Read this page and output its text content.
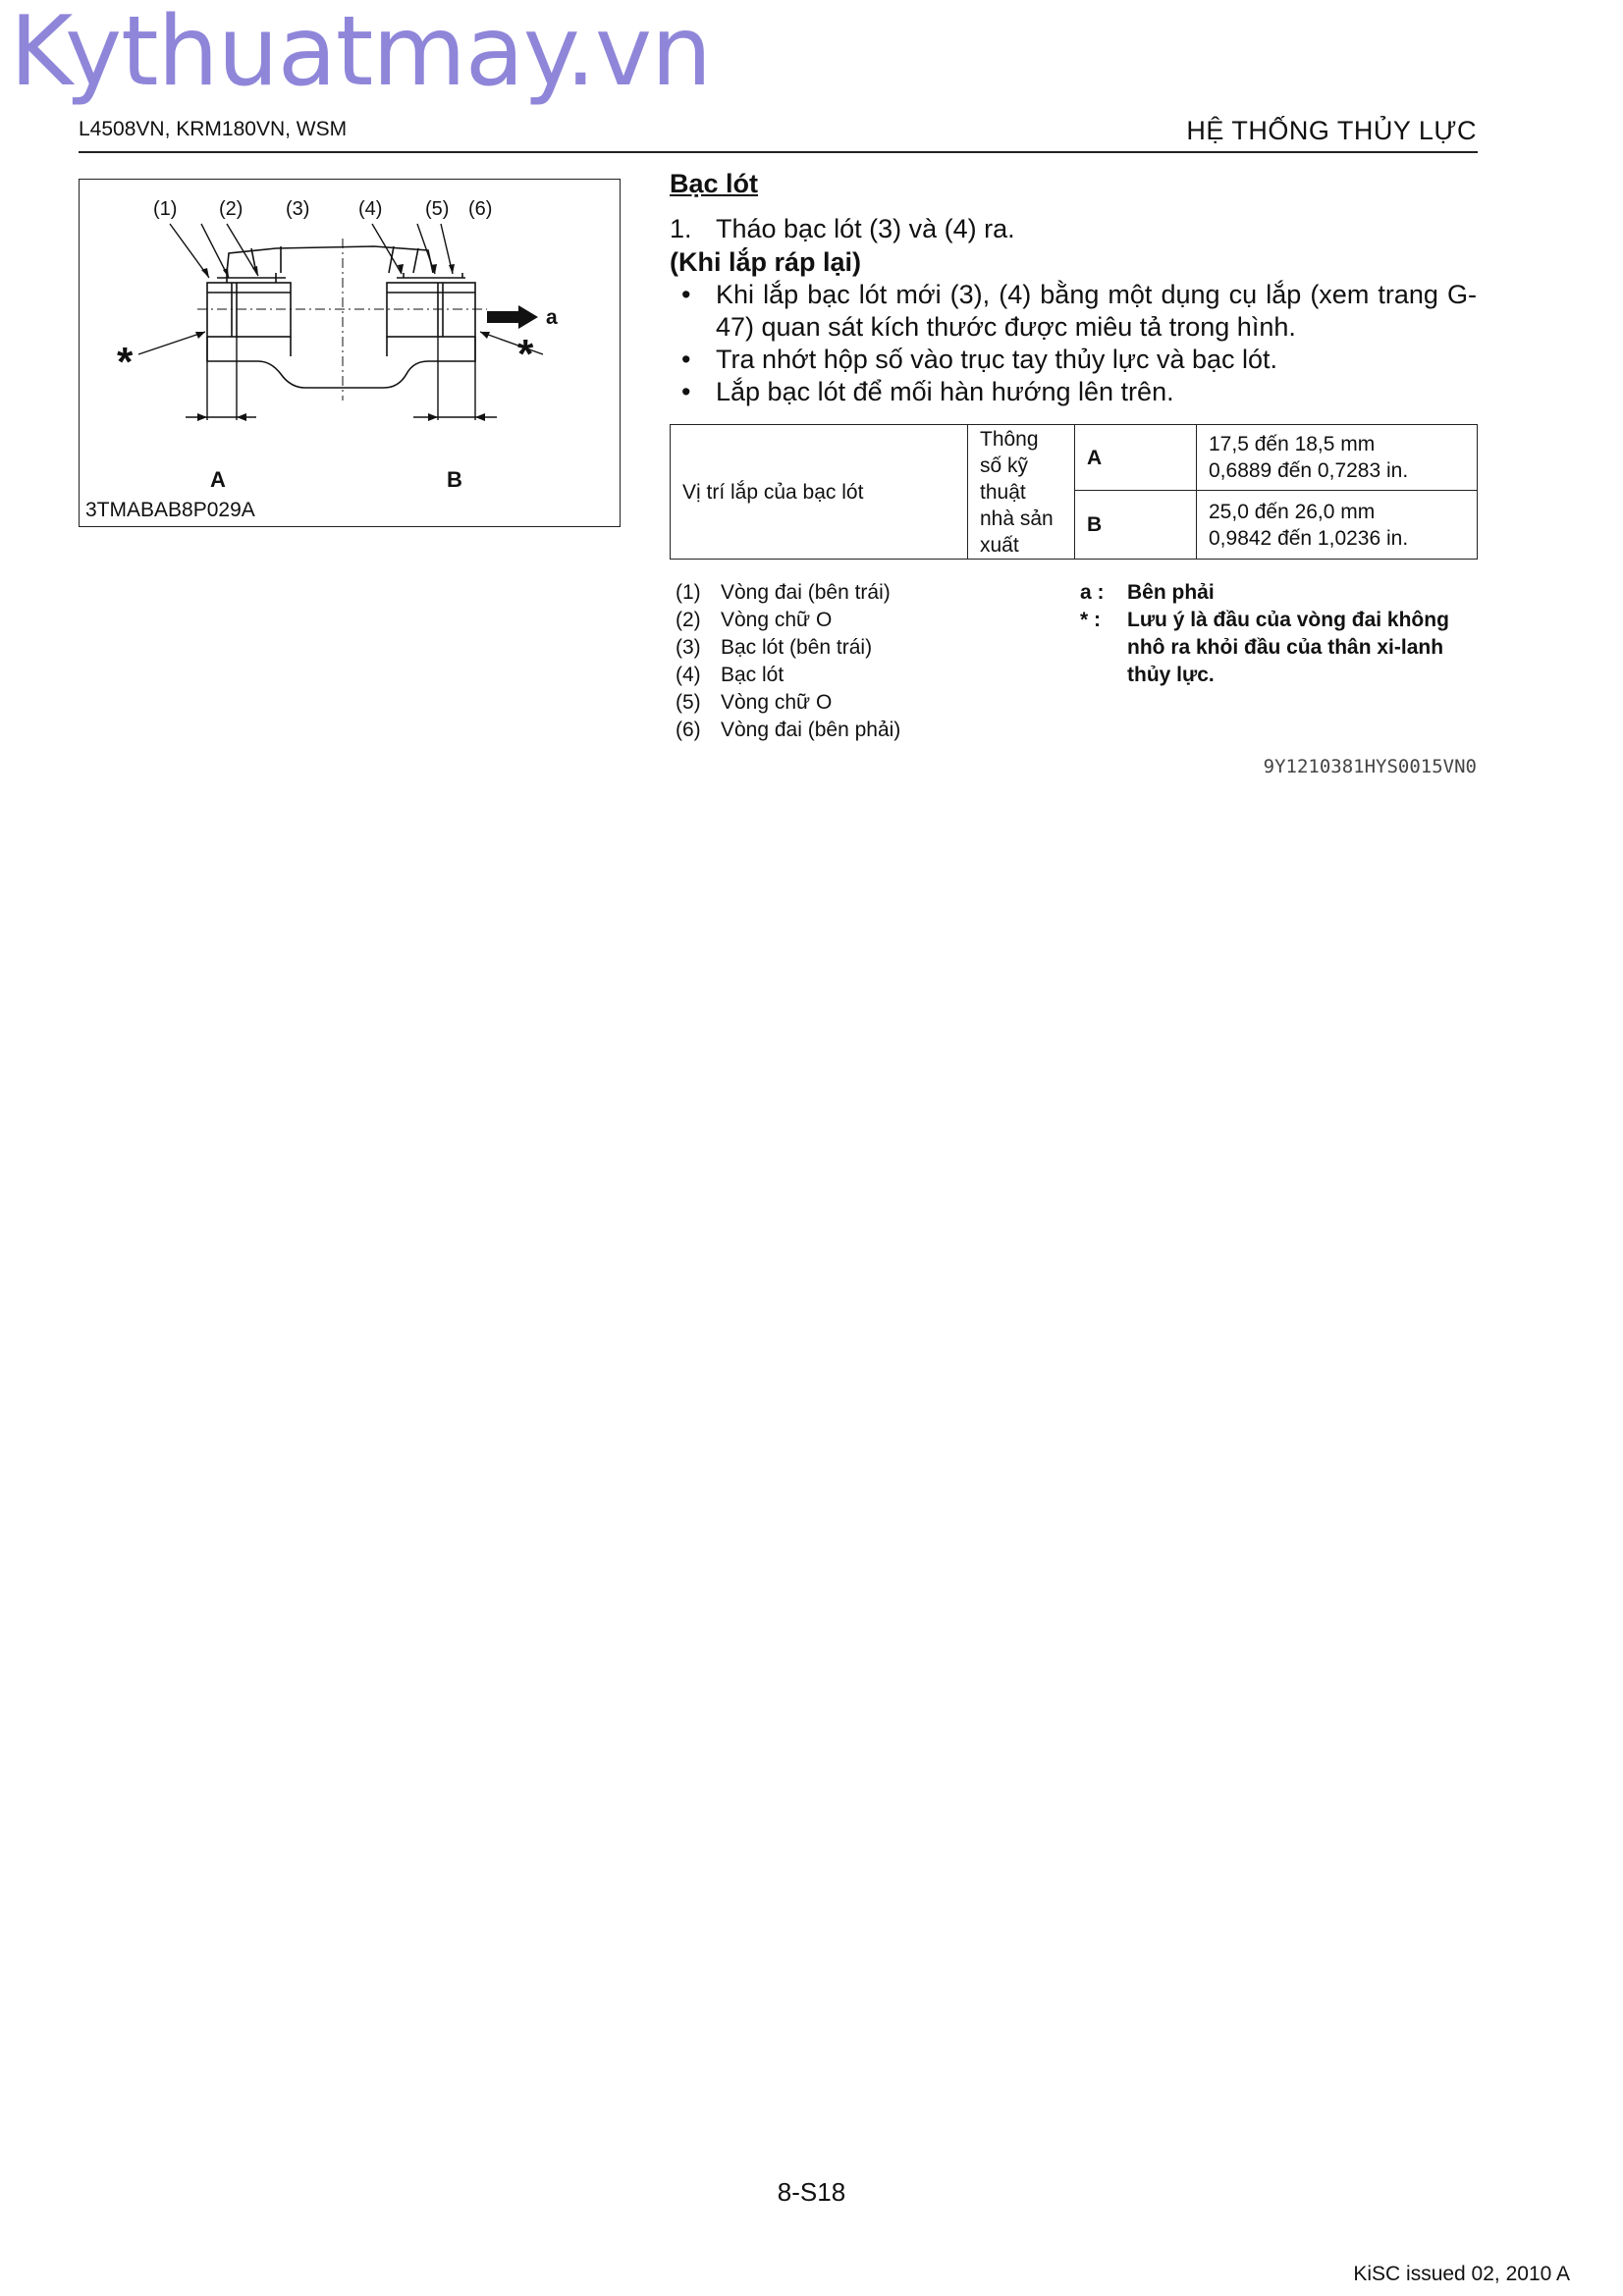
Kythuatmay.vn
L4508VN, KRM180VN, WSM	HỆ THỐNG THỦY LỰC
(1) (2) (3) (4) (5) (6)
a
*	*
A	B
3TMABAB8P029A
Bạc lót
1. Tháo bạc lót (3) và (4) ra.
(Khi lắp ráp lại)
• Khi lắp bạc lót mới (3), (4) bằng một dụng cụ lắp (xem trang G-47) quan sát kích thước được miêu tả trong hình.
• Tra nhớt hộp số vào trục tay thủy lực và bạc lót.
• Lắp bạc lót để mối hàn hướng lên trên.
Vị trí lắp của bạc lót	Thông số kỹ thuật nhà sản xuất	A	17,5 đến 18,5 mm
0,6889 đến 0,7283 in.

		B	25,0 đến 26,0 mm
0,9842 đến 1,0236 in.
(1) Vòng đai (bên trái)
(2) Vòng chữ O
(3) Bạc lót (bên trái)
(4) Bạc lót
(5) Vòng chữ O
(6) Vòng đai (bên phải)
a :	Bên phải
* :	Lưu ý là đầu của vòng đai không nhô ra khỏi đầu của thân xi-lanh thủy lực.
9Y1210381HYS0015VN0
8-S18
KiSC issued 02, 2010 A
